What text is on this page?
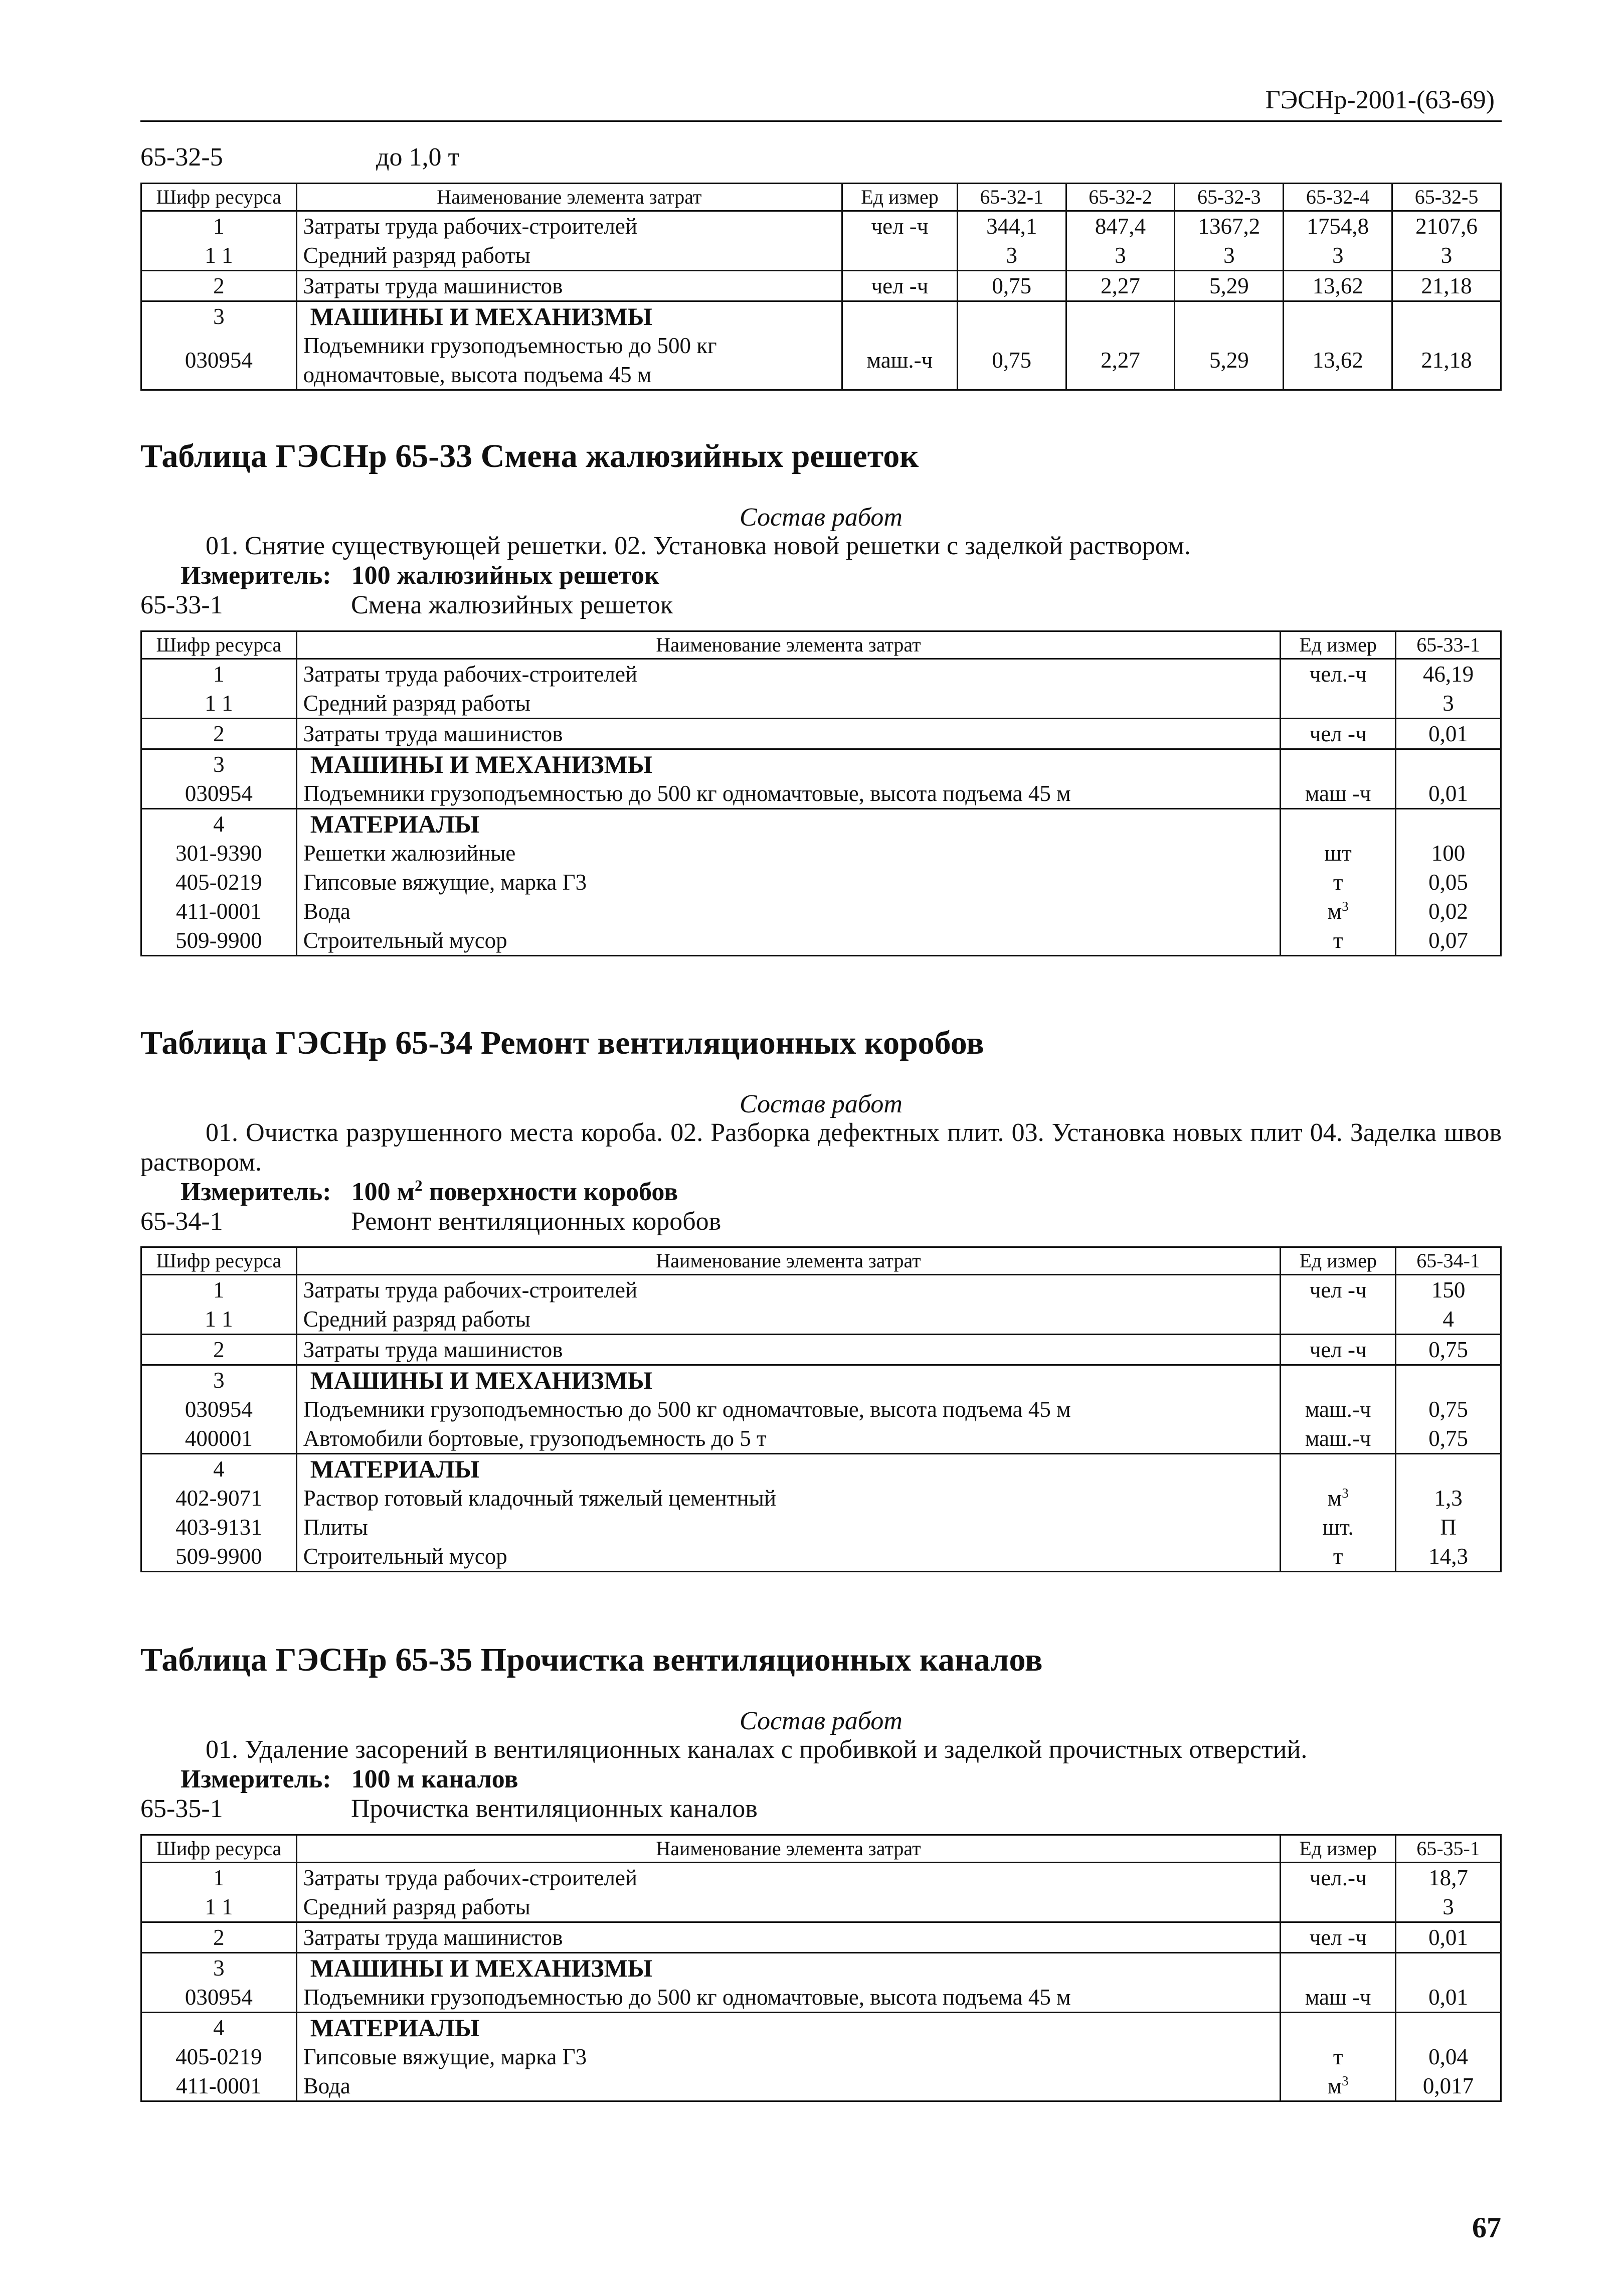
ГЭСНр-2001-(63-69)
65-32-5	до 1,0 т
Шифр ресурса	Наименование элемента затрат	Ед измер	65-32-1	65-32-2	65-32-3	65-32-4	65-32-5
1	Затраты труда рабочих-строителей	чел -ч	344,1	847,4	1367,2	1754,8	2107,6
1 1	Средний разряд работы		3	3	3	3	3
2	Затраты труда машинистов	чел -ч	0,75	2,27	5,29	13,62	21,18
3	МАШИНЫ И МЕХАНИЗМЫ						
030954	Подъемники грузоподъемностью до 500 кг одномачтовые, высота подъема 45 м	маш.-ч	0,75	2,27	5,29	13,62	21,18
Таблица ГЭСНр 65-33 Смена жалюзийных решеток
Состав работ

01. Снятие существующей решетки. 02. Установка новой решетки с заделкой раствором.

Измеритель: 100 жалюзийных решеток
65-33-1	Смена жалюзийных решеток
Шифр ресурса	Наименование элемента затрат	Ед измер	65-33-1
1	Затраты труда рабочих-строителей	чел.-ч	46,19
1 1	Средний разряд работы		3
2	Затраты труда машинистов	чел -ч	0,01
3	МАШИНЫ И МЕХАНИЗМЫ		
030954	Подъемники грузоподъемностью до 500 кг одномачтовые, высота подъема 45 м	маш -ч	0,01
4	МАТЕРИАЛЫ		
301-9390	Решетки жалюзийные	шт	100
405-0219	Гипсовые вяжущие, марка Г3	т	0,05
411-0001	Вода	$м^3$	0,02
509-9900	Строительный мусор	т	0,07
Таблица ГЭСНр 65-34 Ремонт вентиляционных коробов
Состав работ

01. Очистка разрушенного места короба. 02. Разборка дефектных плит. 03. Установка новых плит 04. Заделка швов раствором.

Измеритель: 100 $м^2$ поверхности коробов
65-34-1	Ремонт вентиляционных коробов
Шифр ресурса	Наименование элемента затрат	Ед измер	65-34-1
1	Затраты труда рабочих-строителей	чел -ч	150
1 1	Средний разряд работы		4
2	Затраты труда машинистов	чел -ч	0,75
3	МАШИНЫ И МЕХАНИЗМЫ		
030954	Подъемники грузоподъемностью до 500 кг одномачтовые, высота подъема 45 м	маш.-ч	0,75
400001	Автомобили бортовые, грузоподъемность до 5 т	маш.-ч	0,75
4	МАТЕРИАЛЫ		
402-9071	Раствор готовый кладочный тяжелый цементный	$м^3$	1,3
403-9131	Плиты	шт.	П
509-9900	Строительный мусор	т	14,3
Таблица ГЭСНр 65-35 Прочистка вентиляционных каналов
Состав работ

01. Удаление засорений в вентиляционных каналах с пробивкой и заделкой прочистных отверстий.

Измеритель: 100 м каналов
65-35-1	Прочистка вентиляционных каналов
Шифр ресурса	Наименование элемента затрат	Ед измер	65-35-1
1	Затраты труда рабочих-строителей	чел.-ч	18,7
1 1	Средний разряд работы		3
2	Затраты труда машинистов	чел -ч	0,01
3	МАШИНЫ И МЕХАНИЗМЫ		
030954	Подъемники грузоподъемностью до 500 кг одномачтовые, высота подъема 45 м	маш -ч	0,01
4	МАТЕРИАЛЫ		
405-0219	Гипсовые вяжущие, марка Г3	т	0,04
411-0001	Вода	$м^3$	0,017
67
